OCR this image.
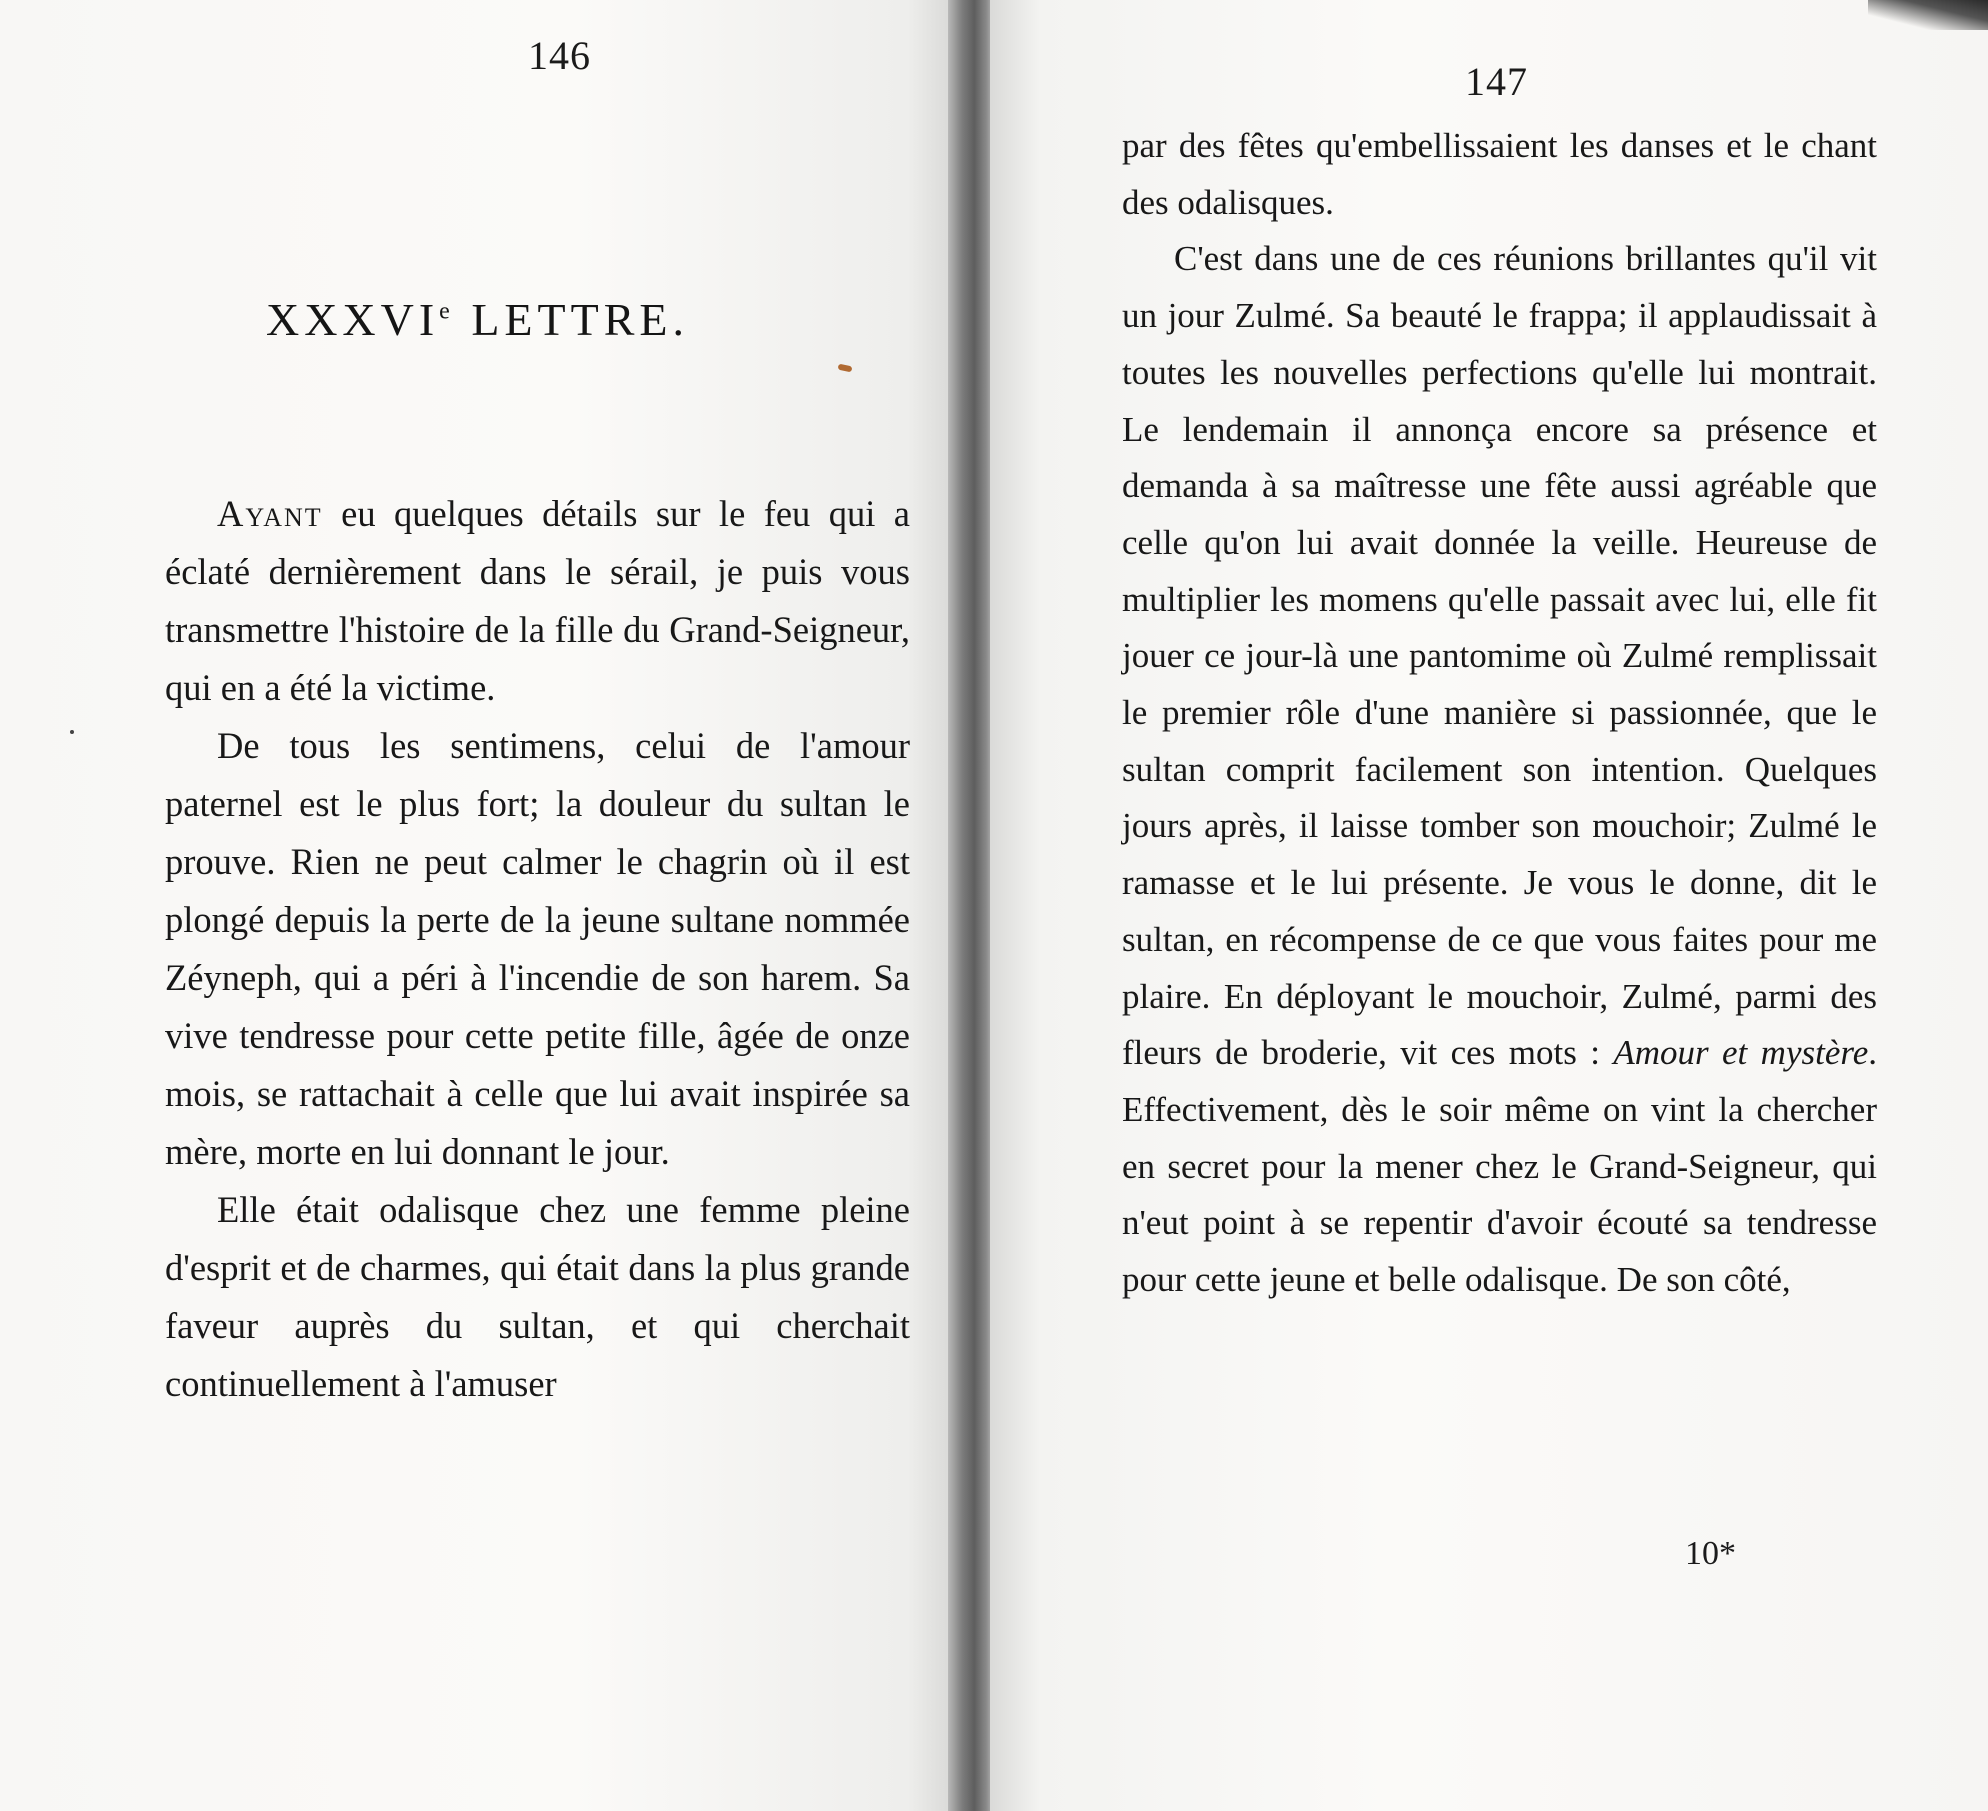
146
XXXVIe LETTRE.

Ayant eu quelques détails sur le feu qui a éclaté dernièrement dans le sérail, je puis vous transmettre l'histoire de la fille du Grand-Seigneur, qui en a été la victime.

De tous les sentimens, celui de l'amour paternel est le plus fort; la douleur du sultan le prouve. Rien ne peut calmer le chagrin où il est plongé depuis la perte de la jeune sultane nommée Zéyneph, qui a péri à l'incendie de son harem. Sa vive tendresse pour cette petite fille, âgée de onze mois, se rattachait à celle que lui avait inspirée sa mère, morte en lui donnant le jour.

Elle était odalisque chez une femme pleine d'esprit et de charmes, qui était dans la plus grande faveur auprès du sultan, et qui cherchait continuellement à l'amuser

147

par des fêtes qu'embellissaient les danses et le chant des odalisques.

C'est dans une de ces réunions brillantes qu'il vit un jour Zulmé. Sa beauté le frappa; il applaudissait à toutes les nouvelles perfections qu'elle lui montrait. Le lendemain il annonça encore sa présence et demanda à sa maîtresse une fête aussi agréable que celle qu'on lui avait donnée la veille. Heureuse de multiplier les momens qu'elle passait avec lui, elle fit jouer ce jour-là une pantomime où Zulmé remplissait le premier rôle d'une manière si passionnée, que le sultan comprit facilement son intention. Quelques jours après, il laisse tomber son mouchoir; Zulmé le ramasse et le lui présente. Je vous le donne, dit le sultan, en récompense de ce que vous faites pour me plaire. En déployant le mouchoir, Zulmé, parmi des fleurs de broderie, vit ces mots : Amour et mystère. Effectivement, dès le soir même on vint la chercher en secret pour la mener chez le Grand-Seigneur, qui n'eut point à se repentir d'avoir écouté sa tendresse pour cette jeune et belle odalisque. De son côté,

10*
